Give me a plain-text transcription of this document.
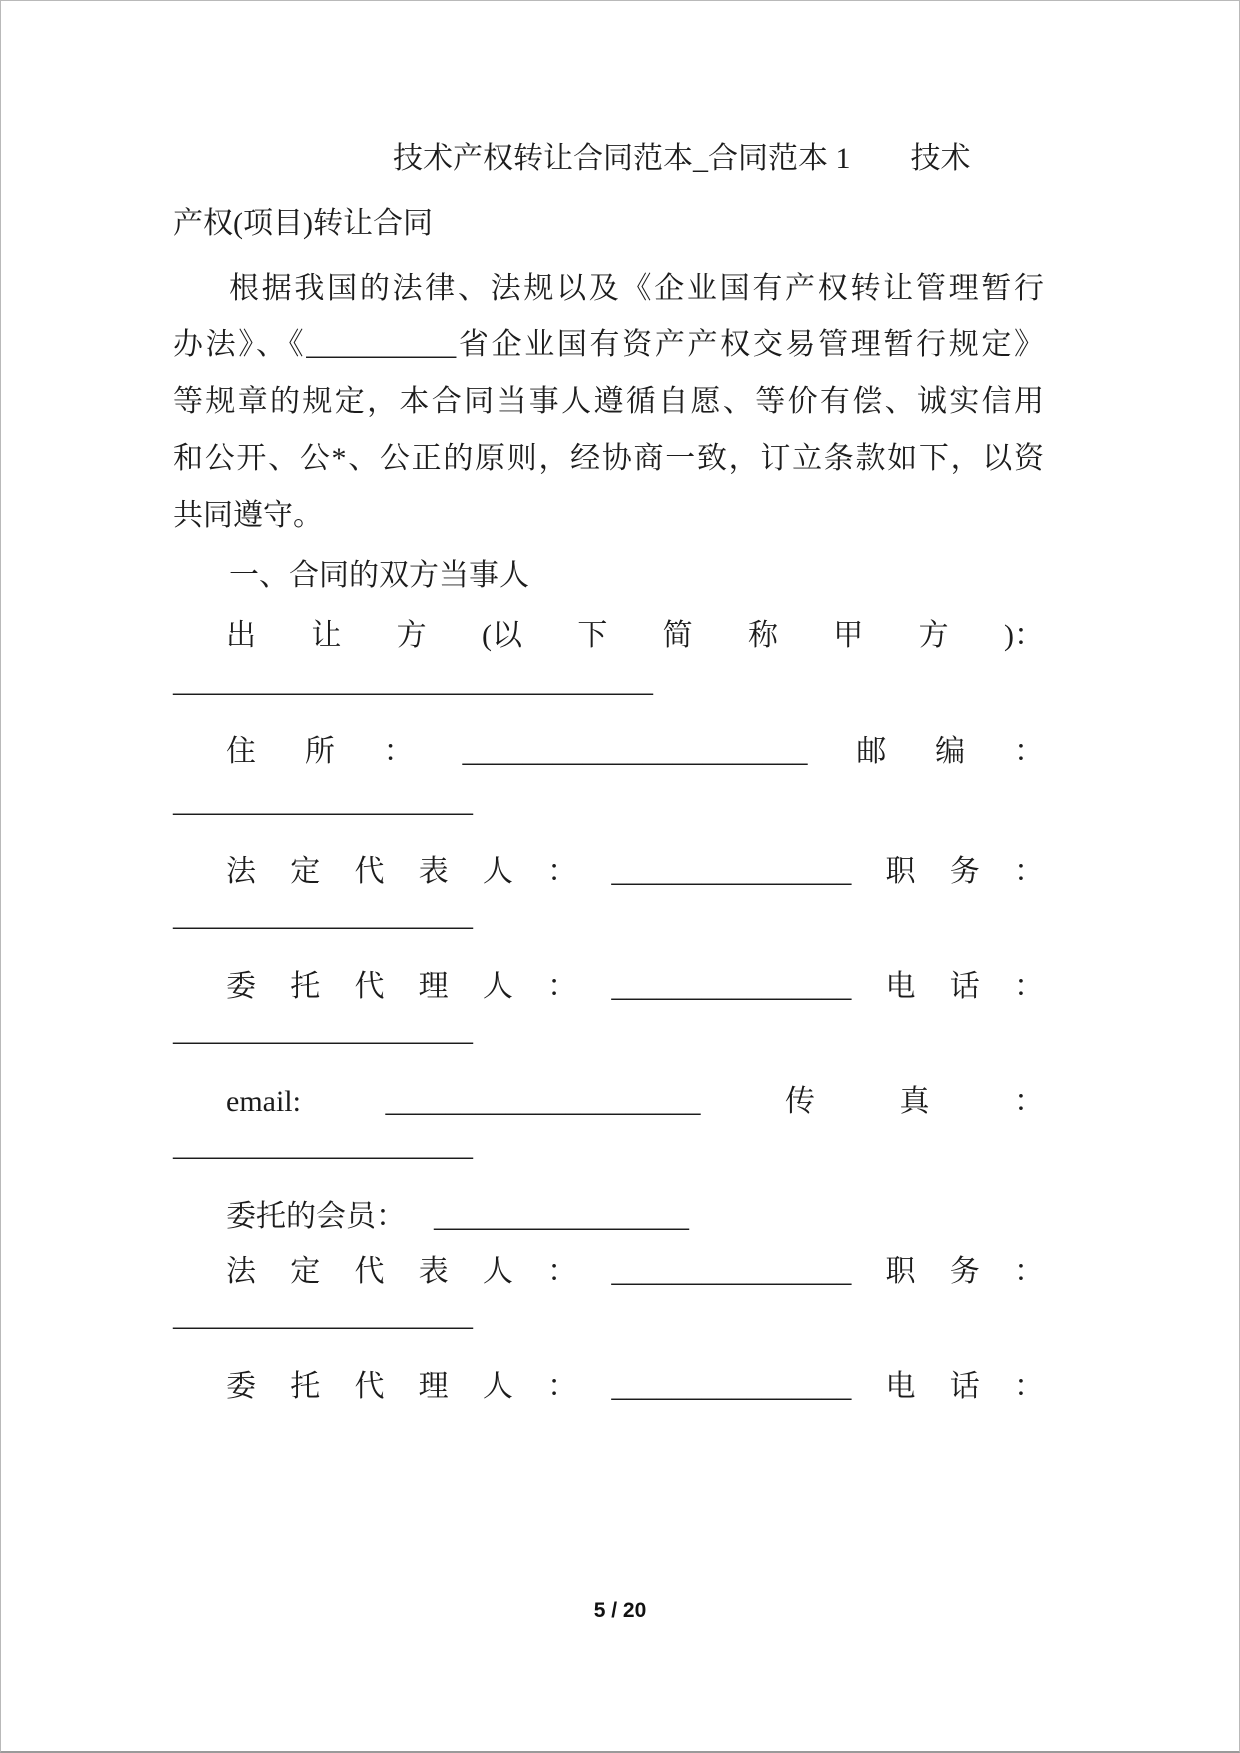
技术产权转让合同范本_合同范本 1　　技术
产权(项目)转让合同
根据我国的法律、法规以及《企业国有产权转让管理暂行
办法》、《__________省企业国有资产产权交易管理暂行规定》
等规章的规定，本合同当事人遵循自愿、等价有偿、诚实信用
和公开、公*、公正的原则，经协商一致，订立条款如下，以资
共同遵守。
一、合同的双方当事人
出 让 方 (以 下 简 称 甲 方 )：
________________________________
住 所 ： _______________________ 邮 编 ：
____________________
法 定 代 表 人 ： ________________ 职 务 ：
____________________
委 托 代 理 人 ： ________________ 电 话 ：
____________________
email:	_____________________	传	真	：
____________________
委托的会员： _________________
法 定 代 表 人 ： ________________ 职 务 ：
____________________
委 托 代 理 人 ： ________________ 电 话 ：
5 / 20
